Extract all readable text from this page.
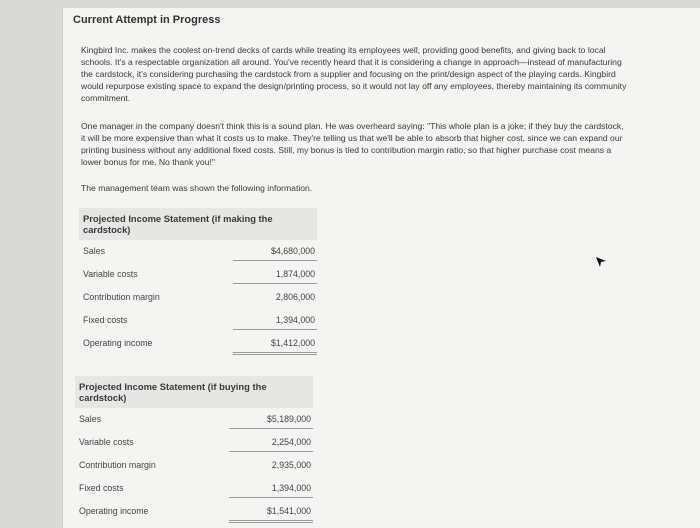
Current Attempt in Progress
Kingbird Inc. makes the coolest on-trend decks of cards while treating its employees well, providing good benefits, and giving back to local schools. It's a respectable organization all around. You've recently heard that it is considering a change in approach—instead of manufacturing the cardstock, it's considering purchasing the cardstock from a supplier and focusing on the print/design aspect of the playing cards. Kingbird would repurpose existing space to expand the design/printing process, so it would not lay off any employees, thereby maintaining its community commitment.
One manager in the company doesn't think this is a sound plan. He was overheard saying: "This whole plan is a joke; if they buy the cardstock, it will be more expensive than what it costs us to make. They're telling us that we'll be able to absorb that higher cost, since we can expand our printing business without any additional fixed costs. Still, my bonus is tied to contribution margin ratio, so that higher purchase cost means a lower bonus for me. No thank you!"
The management team was shown the following information.
Projected Income Statement (if making the cardstock)
Sales	$4,680,000
Variable costs	1,874,000
Contribution margin	2,806,000
Fixed costs	1,394,000
Operating income	$1,412,000
Projected Income Statement (if buying the cardstock)
Sales	$5,189,000
Variable costs	2,254,000
Contribution margin	2,935,000
Fixed costs	1,394,000
Operating income	$1,541,000
